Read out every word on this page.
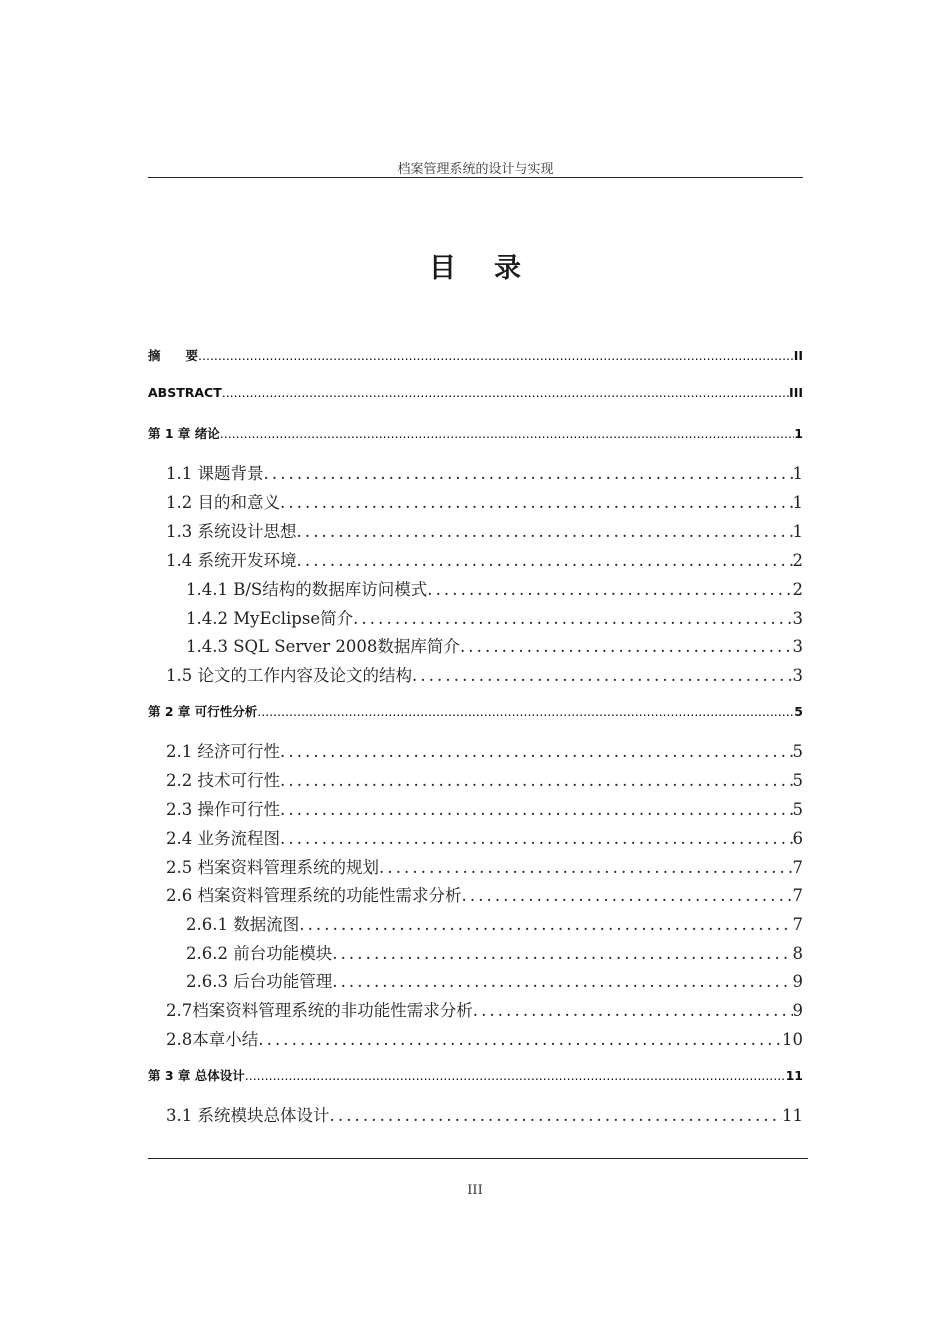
档案管理系统的设计与实现
目录
摘　　要 .....	II
ABSTRACT .....	III
第 1 章 绪论 .....	1
1.1 课题背景 .....	1
1.2 目的和意义 .....	1
1.3 系统设计思想 .....	1
1.4 系统开发环境 .....	2
1.4.1 B/S结构的数据库访问模式 .....	2
1.4.2 MyEclipse简介 .....	3
1.4.3 SQL Server 2008数据库简介 .....	3
1.5 论文的工作内容及论文的结构 .....	3
第 2 章 可行性分析 .....	5
2.1 经济可行性 .....	5
2.2 技术可行性 .....	5
2.3 操作可行性 .....	5
2.4 业务流程图 .....	6
2.5 档案资料管理系统的规划 .....	7
2.6 档案资料管理系统的功能性需求分析 .....	7
2.6.1 数据流图 .....	7
2.6.2 前台功能模块 .....	8
2.6.3 后台功能管理 .....	9
2.7档案资料管理系统的非功能性需求分析 .....	9
2.8本章小结 .....	10
第 3 章 总体设计 .....	11
3.1 系统模块总体设计 .....	11
III
